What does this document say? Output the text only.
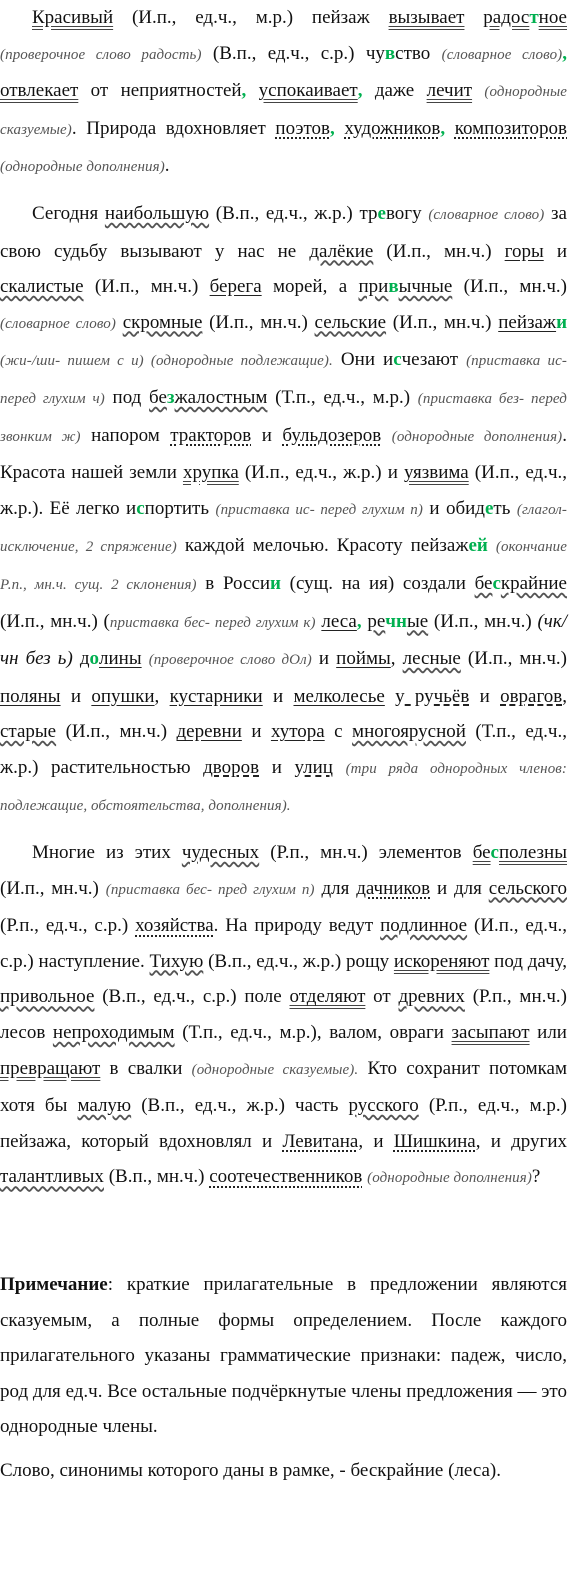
Красивый (И.п., ед.ч., м.р.) пейзаж вызывает радостное (проверочное слово радость) (В.п., ед.ч., с.р.) чувство (словарное слово), отвлекает от неприятностей, успокаивает, даже лечит (однородные сказуемые). Природа вдохновляет поэтов, художников, композиторов (однородные дополнения).

Сегодня наибольшую (В.п., ед.ч., ж.р.) тревогу (словарное слово) за свою судьбу вызывают у нас не далёкие (И.п., мн.ч.) горы и скалистые (И.п., мн.ч.) берега морей, а привычные (И.п., мн.ч.) (словарное слово) скромные (И.п., мн.ч.) сельские (И.п., мн.ч.) пейзажи (жи-/ши- пишем с и) (однородные подлежащие). Они исчезают (приставка ис- перед глухим ч) под безжалостным (Т.п., ед.ч., м.р.) (приставка без- перед звонким ж) напором тракторов и бульдозеров (однородные дополнения). Красота нашей земли хрупка (И.п., ед.ч., ж.р.) и уязвима (И.п., ед.ч., ж.р.). Её легко испортить (приставка ис- перед глухим п) и обидеть (глагол-исключение, 2 спряжение) каждой мелочью. Красоту пейзажей (окончание Р.п., мн.ч. сущ. 2 склонения) в России (сущ. на ия) создали бескрайние (И.п., мн.ч.) (приставка бес- перед глухим к) леса, речные (И.п., мн.ч.) (чк/чн без ь) долины (проверочное слово дОл) и поймы, лесные (И.п., мн.ч.) поляны и опушки, кустарники и мелколесье у ручьёв и оврагов, старые (И.п., мн.ч.) деревни и хутора с многоярусной (Т.п., ед.ч., ж.р.) растительностью дворов и улиц (три ряда однородных членов: подлежащие, обстоятельства, дополнения).

Многие из этих чудесных (Р.п., мн.ч.) элементов бесполезны (И.п., мн.ч.) (приставка бес- пред глухим п) для дачников и для сельского (Р.п., ед.ч., с.р.) хозяйства. На природу ведут подлинное (И.п., ед.ч., с.р.) наступление. Тихую (В.п., ед.ч., ж.р.) рощу искореняют под дачу, привольное (В.п., ед.ч., с.р.) поле отделяют от древних (Р.п., мн.ч.) лесов непроходимым (Т.п., ед.ч., м.р.), валом, овраги засыпают или превращают в свалки (однородные сказуемые). Кто сохранит потомкам хотя бы малую (В.п., ед.ч., ж.р.) часть русского (Р.п., ед.ч., м.р.) пейзажа, который вдохновлял и Левитана, и Шишкина, и других талантливых (В.п., мн.ч.) соотечественников (однородные дополнения)?

Примечание: краткие прилагательные в предложении являются сказуемым, а полные формы определением. После каждого прилагательного указаны грамматические признаки: падеж, число, род для ед.ч. Все остальные подчёркнутые члены предложения — это однородные члены.

Слово, синонимы которого даны в рамке, - бескрайние (леса).
